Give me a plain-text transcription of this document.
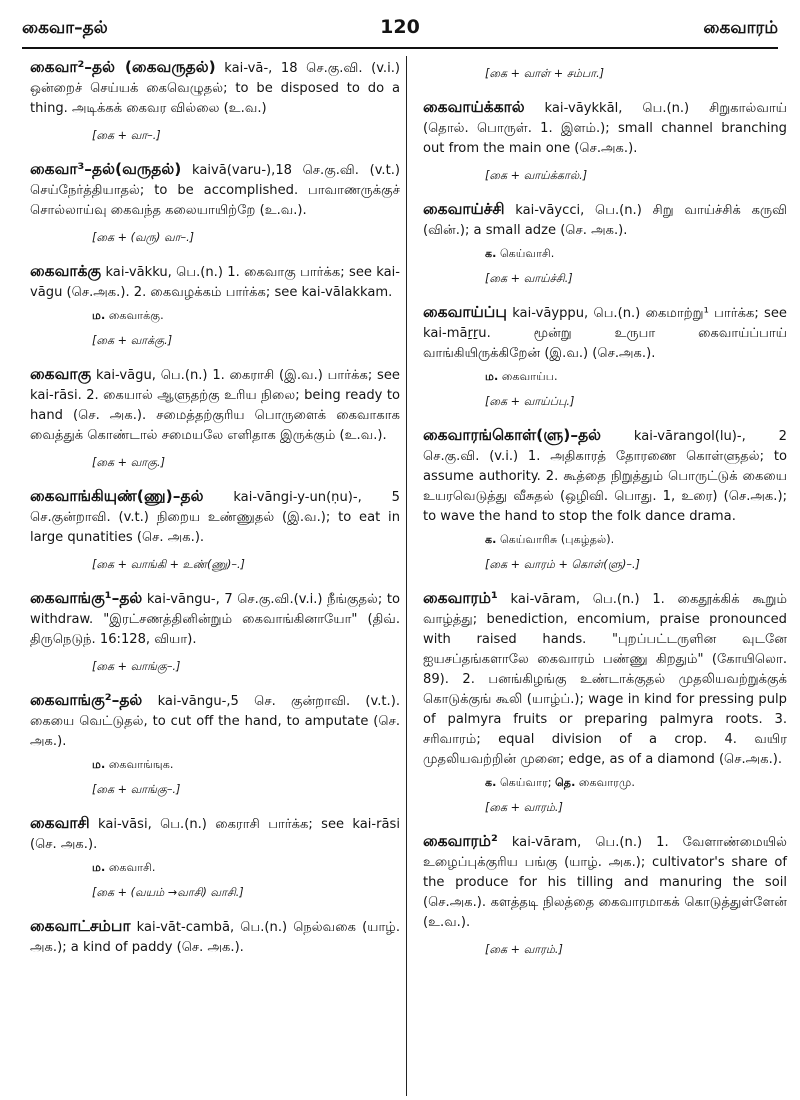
கைவா–தல்	120	கைவாரம்

கைவா²–தல் (கைவருதல்) kai-vā-, 18 செ.கு.வி. (v.i.) ஒன்றைச் செய்யக் கைவெழுதல்; to be disposed to do a thing. அடிக்கக் கைவர வில்லை (உ.வ.)

[கை + வா–.]

கைவா³–தல்(வருதல்) kaivā(varu-),18 செ.கு.வி. (v.t.) செய்நேர்த்தியாதல்; to be accomplished. பாவாணருக்குச் சொல்லாய்வு கைவந்த கலையாயிற்றே (உ.வ.).

[கை + (வரு) வா–.]

கைவாக்கு kai-vākku, பெ.(n.) 1. கைவாகு பார்க்க; see kai-vāgu (செ.அக.). 2. கைவழக்கம் பார்க்க; see kai-vālakkam.

ம. கைவாக்கு.
[கை + வாக்கு.]

கைவாகு kai-vāgu, பெ.(n.) 1. கைராசி (இ.வ.) பார்க்க; see kai-rāsi. 2. கையால் ஆளுதற்கு உரிய நிலை; being ready to hand (செ. அக.). சமைத்தற்குரிய பொருளைக் கைவாகாக வைத்துக் கொண்டால் சமையலே எளிதாக இருக்கும் (உ.வ.).

[கை + வாகு.]

கைவாங்கியுண்(ணு)–தல் kai-vāngi-y-un(ṇu)-, 5 செ.குன்றாவி. (v.t.) நிறைய உண்ணுதல் (இ.வ.); to eat in large qunatities (செ. அக.).

[கை + வாங்கி + உண்(ணு)–.]

கைவாங்கு¹–தல் kai-vāngu-, 7 செ.கு.வி.(v.i.) நீங்குதல்; to withdraw. "இரட்சணத்தினின்றும் கைவாங்கினாயோ" (திவ். திருநெடுந். 16:128, வியா).

[கை + வாங்கு–.]

கைவாங்கு²–தல் kai-vāngu-,5 செ. குன்றாவி. (v.t.). கையை வெட்டுதல், to cut off the hand, to amputate (செ. அக.).

ம. கைவாங்ஙுக.
[கை + வாங்கு–.]

கைவாசி kai-vāsi, பெ.(n.) கைராசி பார்க்க; see kai-rāsi (செ. அக.).

ம. கைவாசி.
[கை + (வயம் →வாசி) வாசி.]

கைவாட்சம்பா kai-vāt-cambā, பெ.(n.) நெல்வகை (யாழ். அக.); a kind of paddy (செ. அக.).

[கை + வாள் + சம்பா.]

கைவாய்க்கால் kai-vāykkāl, பெ.(n.) சிறுகால்வாய் (தொல். பொருள். 1. இளம்.); small channel branching out from the main one (செ.அக.).

[கை + வாய்க்கால்.]

கைவாய்ச்சி kai-vāycci, பெ.(n.) சிறு வாய்ச்சிக் கருவி (வின்.); a small adze (செ. அக.).

க. கெய்வாசி.
[கை + வாய்ச்சி.]

கைவாய்ப்பு kai-vāyppu, பெ.(n.) கைமாற்று¹ பார்க்க; see kai-māṟṟu. மூன்று உருபா கைவாய்ப்பாய் வாங்கியிருக்கிறேன் (இ.வ.) (செ.அக.).

ம. கைவாய்ப.
[கை + வாய்ப்பு.]

கைவாரங்கொள்(ளு)–தல் kai-vārangol(lu)-, 2 செ.கு.வி. (v.i.) 1. அதிகாரத் தோரணை கொள்ளுதல்; to assume authority. 2. கூத்தை நிறுத்தும் பொருட்டுக் கையை உயரவெடுத்து வீசுதல் (ஒழிவி. பொது. 1, உரை) (செ.அக.); to wave the hand to stop the folk dance drama.

க. கெய்வாரிசு (புகழ்தல்).
[கை + வாரம் + கொள்(ளு)–.]

கைவாரம்¹ kai-vāram, பெ.(n.) 1. கைதூக்கிக் கூறும் வாழ்த்து; benediction, encomium, praise pronounced with raised hands. "புறப்பட்டருளின வுடனே ஐயசப்தங்களாலே கைவாரம் பண்ணு கிறதும்" (கோயிலொ. 89). 2. பனங்கிழங்கு உண்டாக்குதல் முதலியவற்றுக்குக் கொடுக்குங் கூலி (யாழ்ப்.); wage in kind for pressing pulp of palmyra fruits or preparing palmyra roots. 3. சரிவாரம்; equal division of a crop. 4. வயிர முதலியவற்றின் முனை; edge, as of a diamond (செ.அக.).

க. கெய்வார; தெ. கைவாரமு.
[கை + வாரம்.]

கைவாரம்² kai-vāram, பெ.(n.) 1. வேளாண்மையில் உழைப்புக்குரிய பங்கு (யாழ். அக.); cultivator's share of the produce for his tilling and manuring the soil (செ.அக.). களத்தடி நிலத்தை கைவாரமாகக் கொடுத்துள்ளேன் (உ.வ.).

[கை + வாரம்.]
